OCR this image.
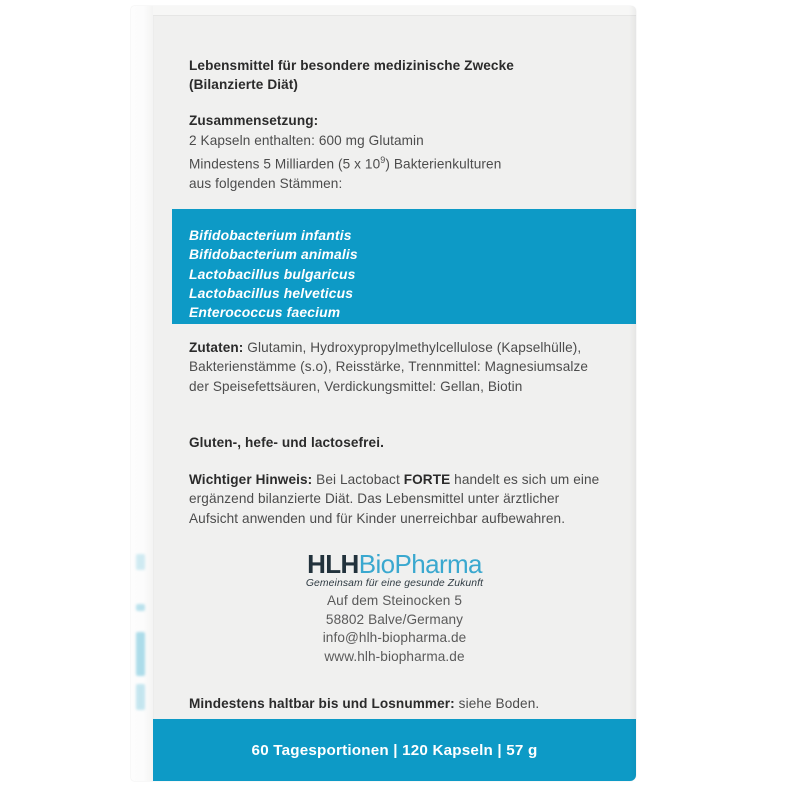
Lebensmittel für besondere medizinische Zwecke
(Bilanzierte Diät)
Zusammensetzung:
2 Kapseln enthalten: 600 mg Glutamin
Mindestens 5 Milliarden (5 x $10^9$) Bakterienkulturen
aus folgenden Stämmen:
Bifidobacterium infantis
Bifidobacterium animalis
Lactobacillus bulgaricus
Lactobacillus helveticus
Enterococcus faecium
Zutaten: Glutamin, Hydroxypropylmethylcellulose (Kapselhülle), Bakterienstämme (s.o), Reisstärke, Trennmittel: Magnesiumsalze der Speisefettsäuren, Verdickungsmittel: Gellan, Biotin
Gluten-, hefe- und lactosefrei.
Wichtiger Hinweis: Bei Lactobact FORTE handelt es sich um eine ergänzend bilanzierte Diät. Das Lebensmittel unter ärztlicher Aufsicht anwenden und für Kinder unerreichbar aufbewahren.
HLHBioPharma
Gemeinsam für eine gesunde Zukunft
Auf dem Steinocken 5
58802 Balve/Germany
info@hlh-biopharma.de
www.hlh-biopharma.de
Mindestens haltbar bis und Losnummer: siehe Boden.
60 Tagesportionen | 120 Kapseln | 57 g
